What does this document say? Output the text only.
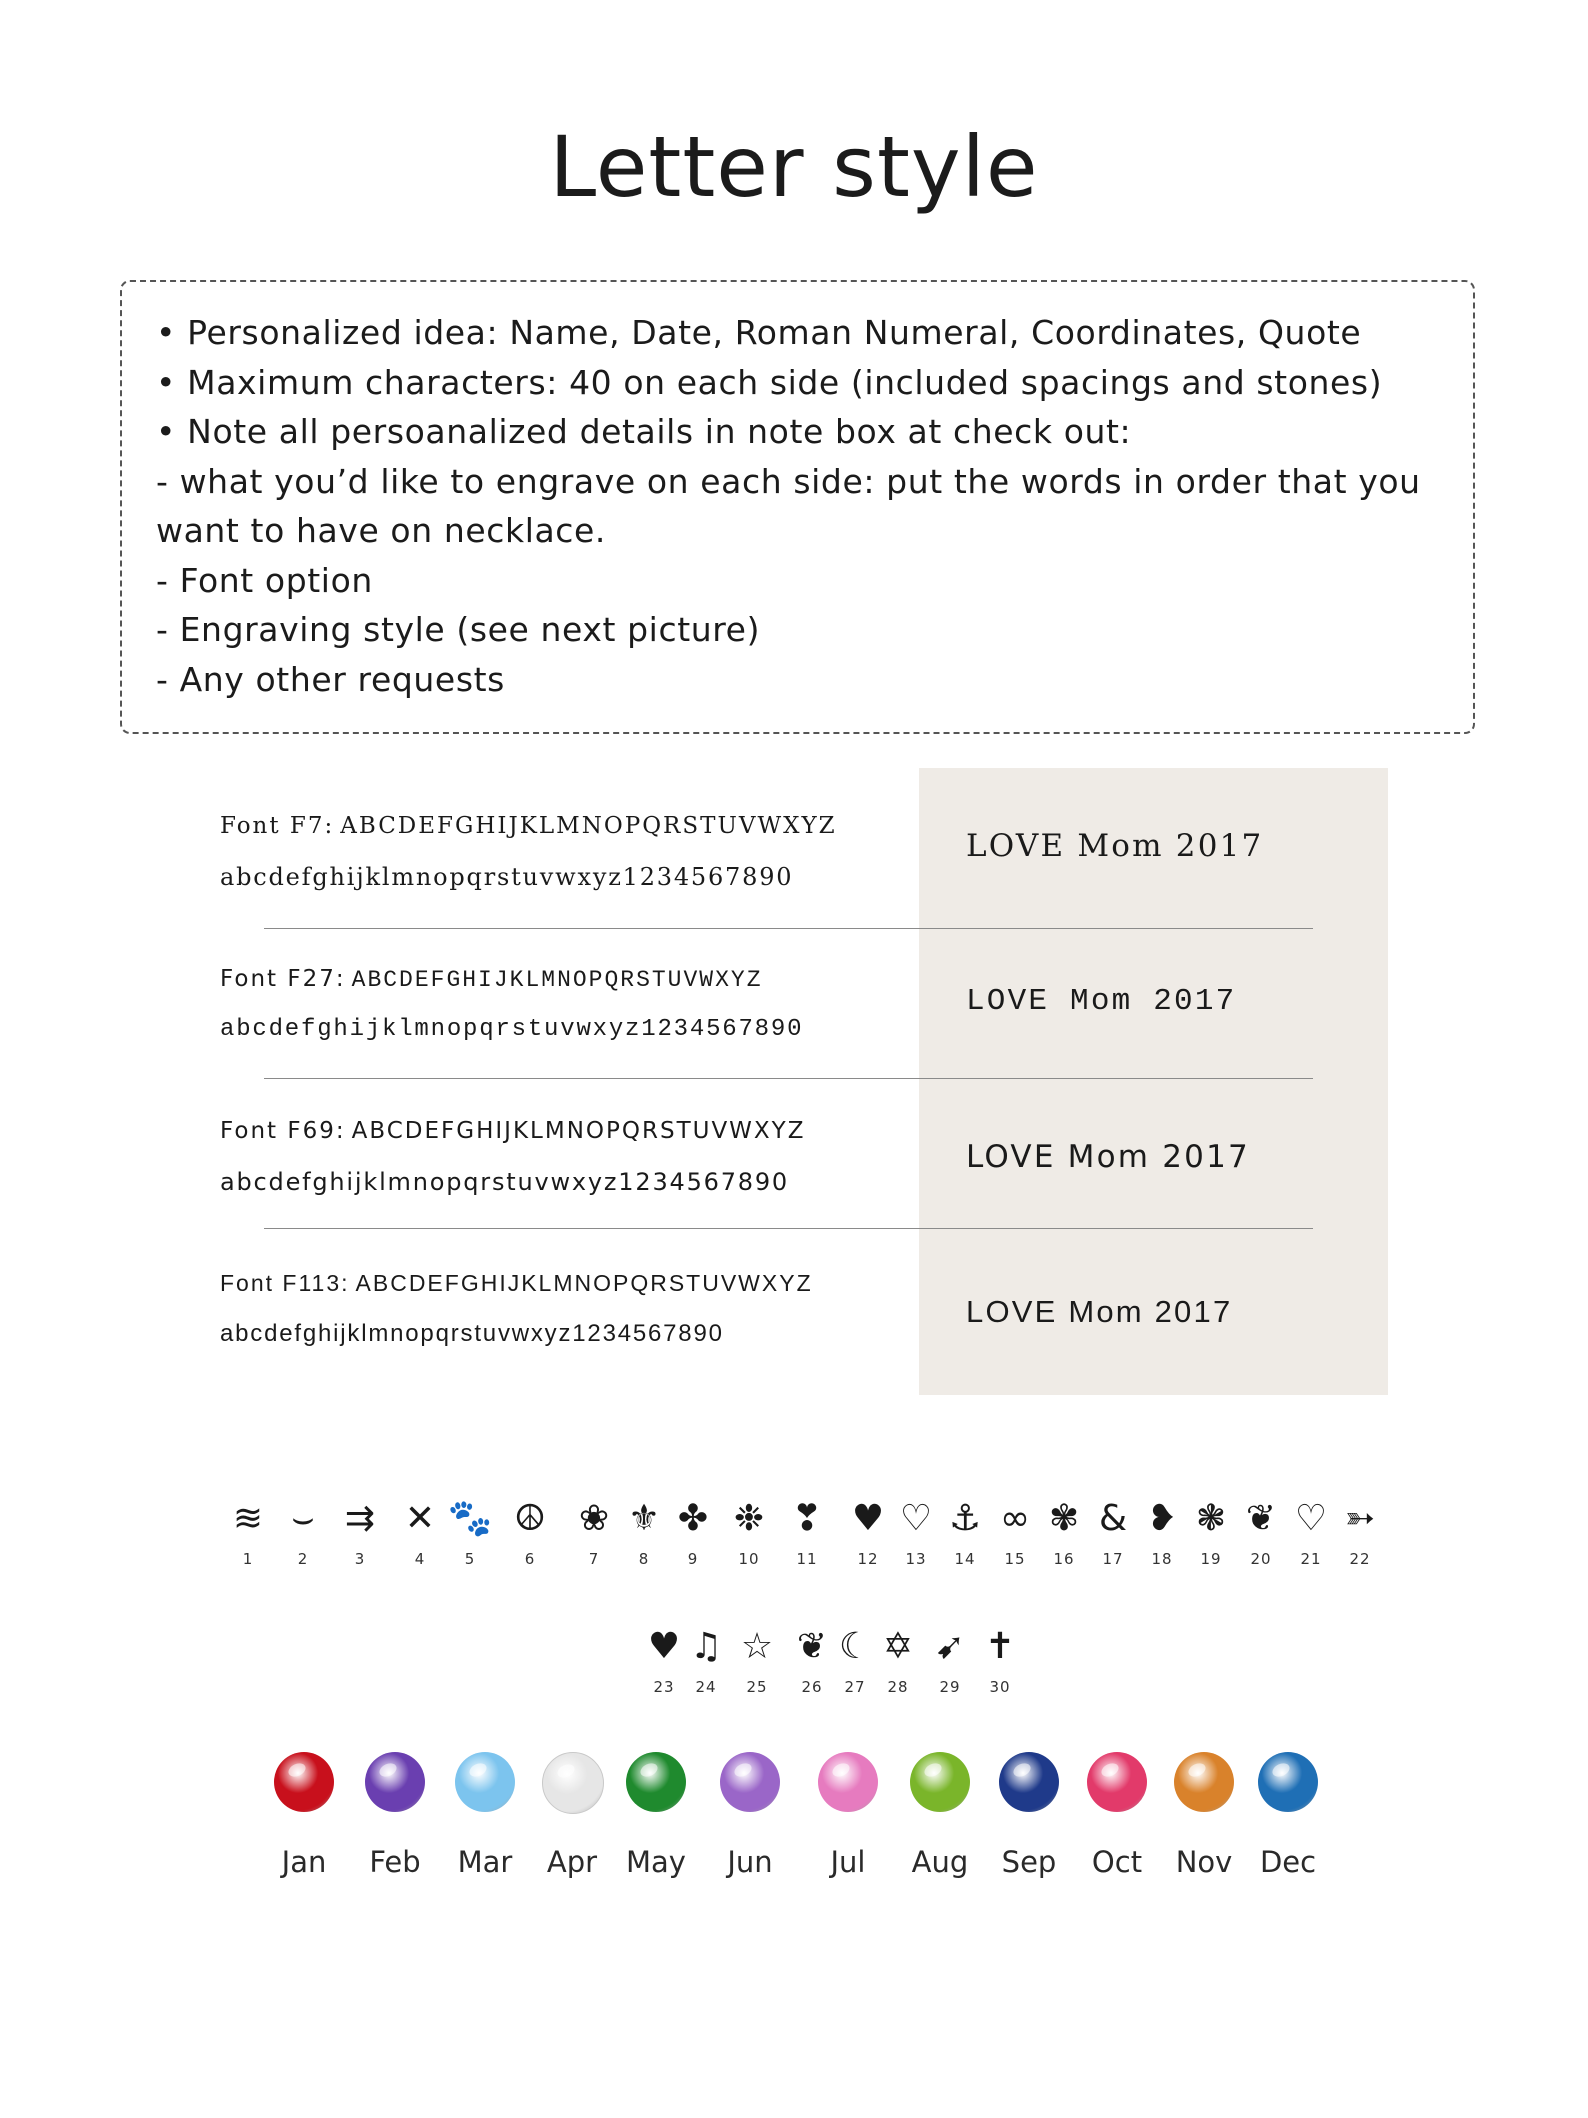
Letter style
• Personalized idea: Name, Date, Roman Numeral, Coordinates, Quote
• Maximum characters: 40 on each side (included spacings and stones)
• Note all persoanalized details in note box at check out:
- what you’d like to engrave on each side: put the words in order that you
want to have on necklace.
- Font option
- Engraving style (see next picture)
- Any other requests
Font F7: ABCDEFGHIJKLMNOPQRSTUVWXYZ
abcdefghijklmnopqrstuvwxyz1234567890
LOVE Mom 2017
Font F27: ABCDEFGHIJKLMNOPQRSTUVWXYZ
abcdefghijklmnopqrstuvwxyz1234567890
LOVE Mom 2017
Font F69: ABCDEFGHIJKLMNOPQRSTUVWXYZ
abcdefghijklmnopqrstuvwxyz1234567890
LOVE Mom 2017
Font F113: ABCDEFGHIJKLMNOPQRSTUVWXYZ
abcdefghijklmnopqrstuvwxyz1234567890
LOVE Mom 2017
≋
1
⌣
2
⇉
3
✕
4
🐾
5
☮
6
❀
7
⚜
8
✤
9
❉
10
❣
11
♥
12
♡
13
⚓
14
∞
15
✾
16
&
17
❥
18
❃
19
❦
20
♡
21
➳
22
♥
23
♫
24
☆
25
❦
26
☾
27
✡
28
➹
29
✝
30
Jan	Feb	Mar	Apr May	Jun	Jul	Aug	Sep	Oct	Nov Dec
